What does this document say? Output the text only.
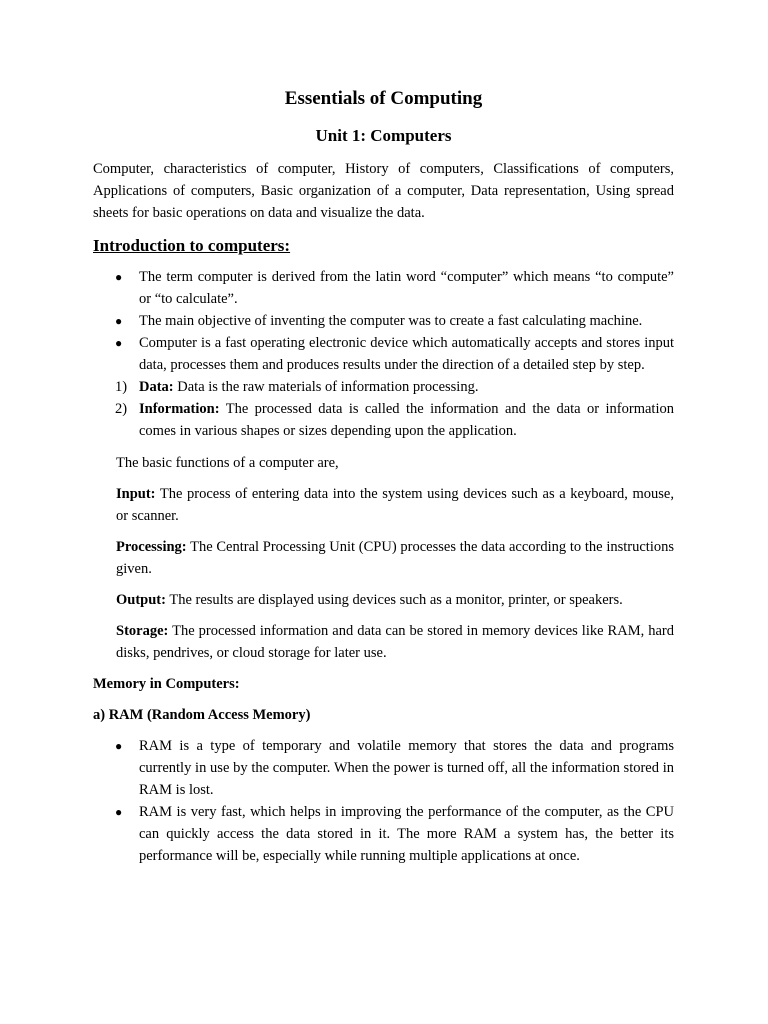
Essentials of Computing
Unit 1: Computers

Computer, characteristics of computer, History of computers, Classifications of computers, Applications of computers, Basic organization of a computer, Data representation, Using spread sheets for basic operations on data and visualize the data.

Introduction to computers:
● The term computer is derived from the latin word “computer” which means “to compute” or “to calculate”.
● The main objective of inventing the computer was to create a fast calculating machine.
● Computer is a fast operating electronic device which automatically accepts and stores input data, processes them and produces results under the direction of a detailed step by step.
1) Data: Data is the raw materials of information processing.
2) Information: The processed data is called the information and the data or information comes in various shapes or sizes depending upon the application.

The basic functions of a computer are,

Input: The process of entering data into the system using devices such as a keyboard, mouse, or scanner.

Processing: The Central Processing Unit (CPU) processes the data according to the instructions given.

Output: The results are displayed using devices such as a monitor, printer, or speakers.

Storage: The processed information and data can be stored in memory devices like RAM, hard disks, pendrives, or cloud storage for later use.

Memory in Computers:
a) RAM (Random Access Memory)
● RAM is a type of temporary and volatile memory that stores the data and programs currently in use by the computer. When the power is turned off, all the information stored in RAM is lost.
● RAM is very fast, which helps in improving the performance of the computer, as the CPU can quickly access the data stored in it. The more RAM a system has, the better its performance will be, especially while running multiple applications at once.
